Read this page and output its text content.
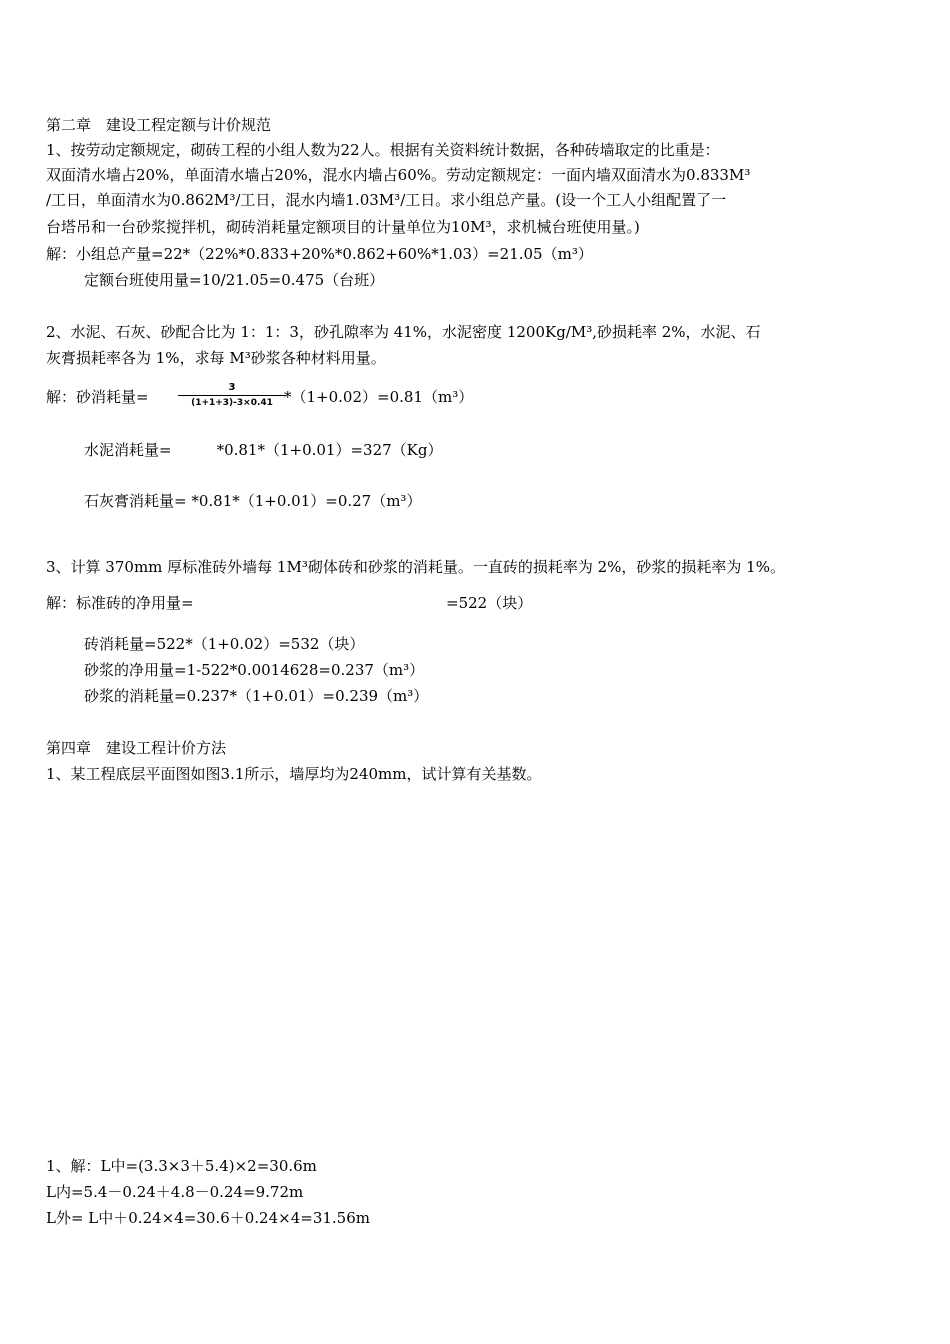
第二章　建设工程定额与计价规范
1、按劳动定额规定，砌砖工程的小组人数为22人。根据有关资料统计数据，各种砖墙取定的比重是：
双面清水墙占20%，单面清水墙占20%，混水内墙占60%。劳动定额规定：一面内墙双面清水为0.833M³
/工日，单面清水为0.862M³/工日，混水内墙1.03M³/工日。求小组总产量。(设一个工人小组配置了一
台塔吊和一台砂浆搅拌机，砌砖消耗量定额项目的计量单位为10M³，求机械台班使用量。)
解：小组总产量=22*（22%*0.833+20%*0.862+60%*1.03）=21.05（m³）
定额台班使用量=10/21.05=0.475（台班）
2、水泥、石灰、砂配合比为 1：1：3，砂孔隙率为 41%，水泥密度 1200Kg/M³,砂损耗率 2%，水泥、石
灰膏损耗率各为 1%，求每 M³砂浆各种材料用量。
解：砂消耗量=
3
(1+1+3)-3×0.41 *（1+0.02）=0.81（m³）
水泥消耗量=　　　*0.81*（1+0.01）=327（Kg）
石灰膏消耗量= *0.81*（1+0.01）=0.27（m³）
3、计算 370mm 厚标准砖外墙每 1M³砌体砖和砂浆的消耗量。一直砖的损耗率为 2%，砂浆的损耗率为 1%。
解：标准砖的净用量=	=522（块）
砖消耗量=522*（1+0.02）=532（块）
砂浆的净用量=1-522*0.0014628=0.237（m³）
砂浆的消耗量=0.237*（1+0.01）=0.239（m³）
第四章　建设工程计价方法
1、某工程底层平面图如图3.1所示，墙厚均为240mm，试计算有关基数。
1、解：L中=(3.3×3＋5.4)×2=30.6m
L内=5.4－0.24＋4.8－0.24=9.72m
L外= L中＋0.24×4=30.6＋0.24×4=31.56m
